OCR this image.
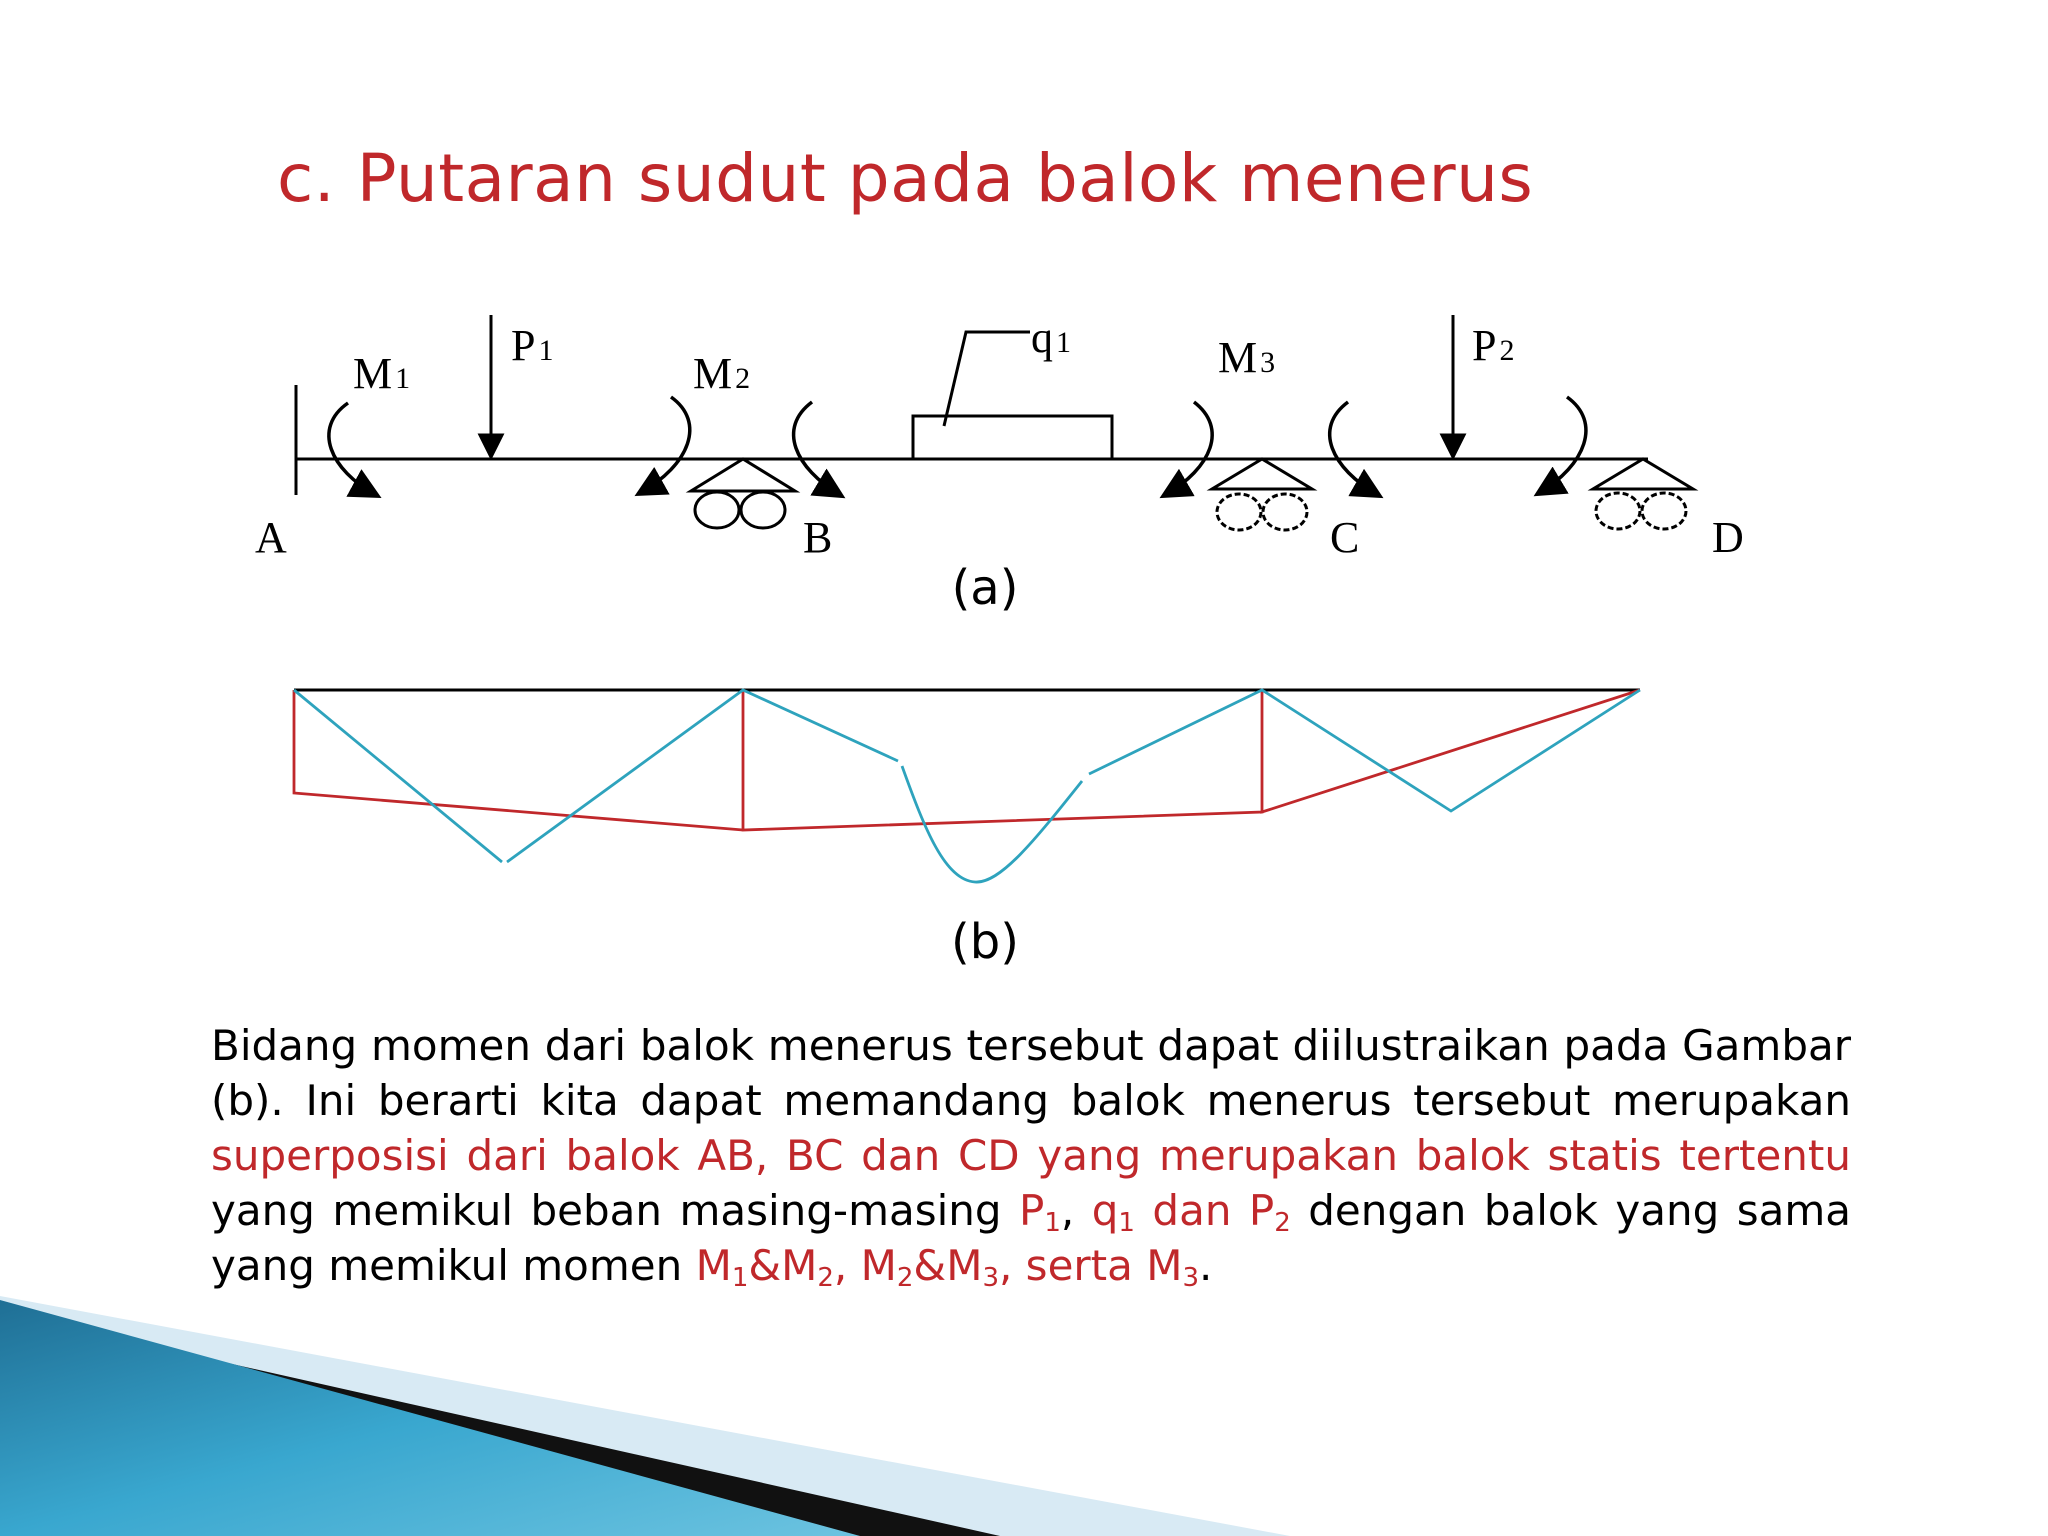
c. Putaran sudut pada balok menerus
M 1
P 1	M 2
q 1	M 3	P 2
A	B	C	D
(a)
(b)

Bidang momen dari balok menerus tersebut dapat diilustraikan pada Gambar (b). Ini berarti kita dapat memandang balok menerus tersebut merupakan superposisi dari balok AB, BC dan CD yang merupakan balok statis tertentu yang memikul beban masing-masing $P_1$, $q_1$ dan $P_2$ dengan balok yang sama yang memikul momen $M_1\&M_2$, $M_2\&M_3$, serta $M_3$.
